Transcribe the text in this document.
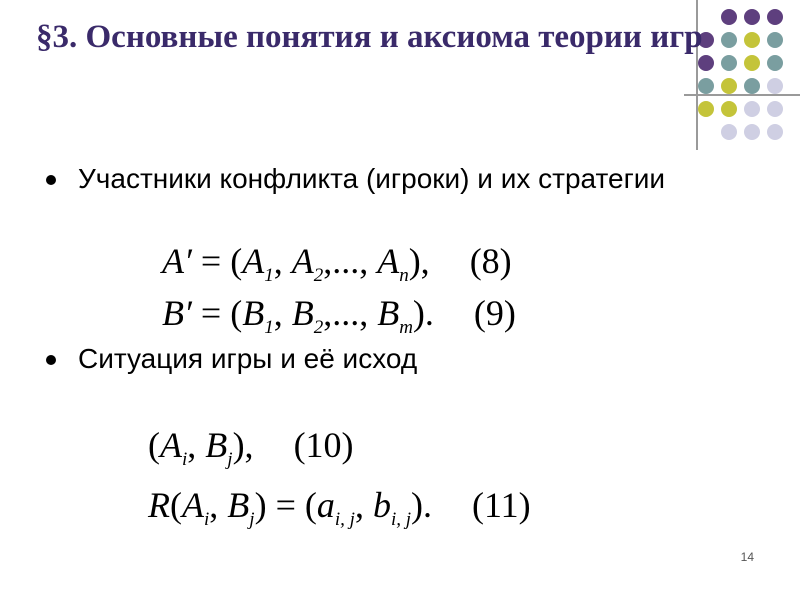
§3. Основные понятия и аксиома теории игр
Участники конфликта (игроки) и их стратегии
$A' = (A_1$, $A_2$,..., $A_n$), (8)
$B' = (B_1$, $B_2$,..., $B_m$). (9)
Ситуация игры и её исход
($A_i$, $B_j$), (10)
$R(A_i$, $B_j) = (a_{i, j}$, $b_{i, j}$). (11)
14
